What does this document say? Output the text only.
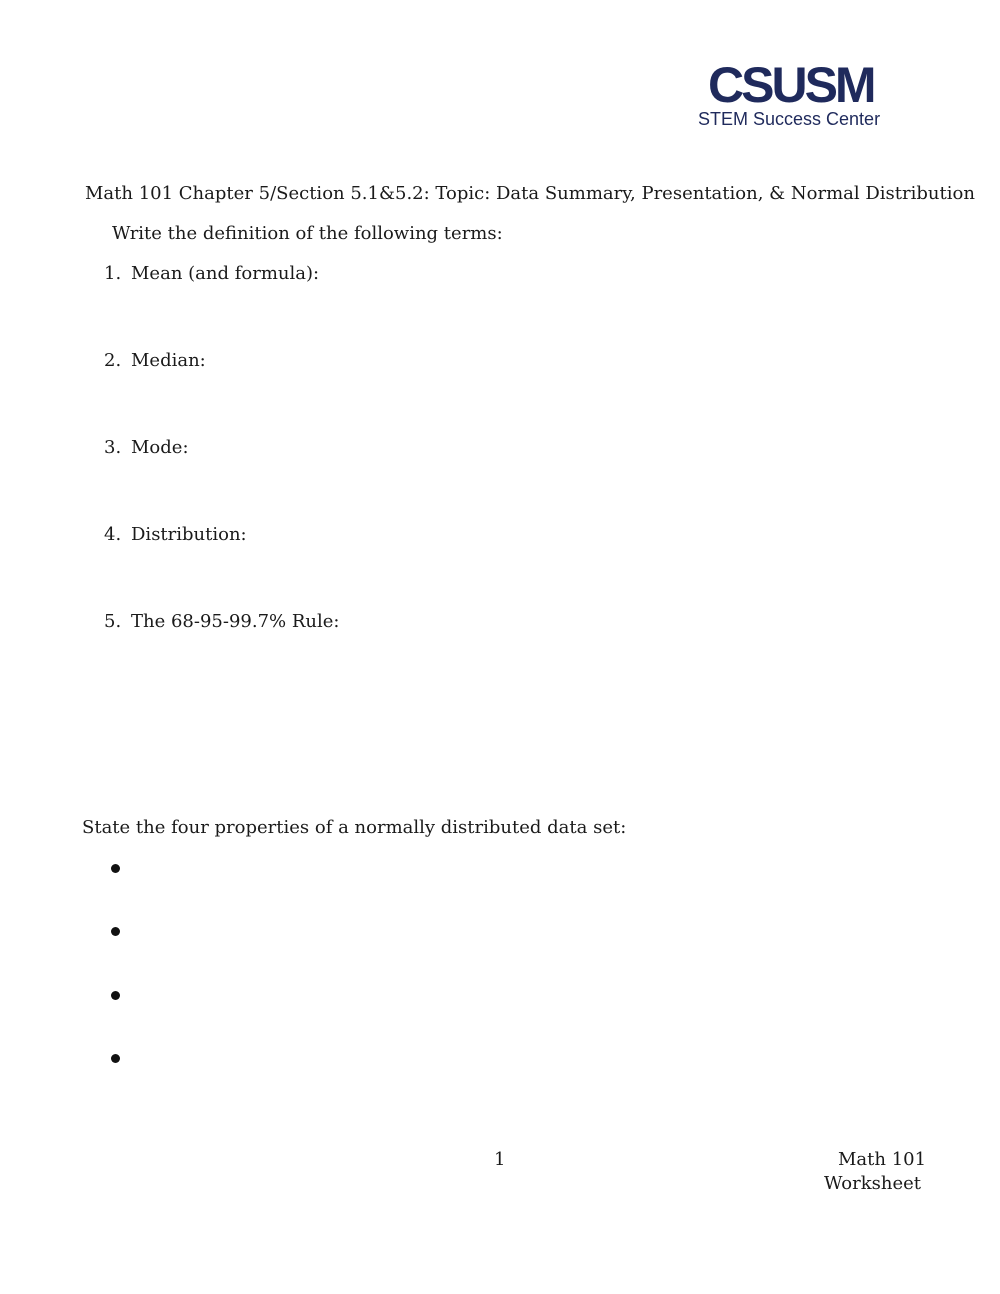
CSUSM
STEM Success Center
Math 101 Chapter 5/Section 5.1&5.2: Topic: Data Summary, Presentation, & Normal Distribution
Write the definition of the following terms:
1. Mean (and formula):
2. Median:
3. Mode:
4. Distribution:
5. The 68-95-99.7% Rule:
State the four properties of a normally distributed data set:
1	Math 101
Worksheet
